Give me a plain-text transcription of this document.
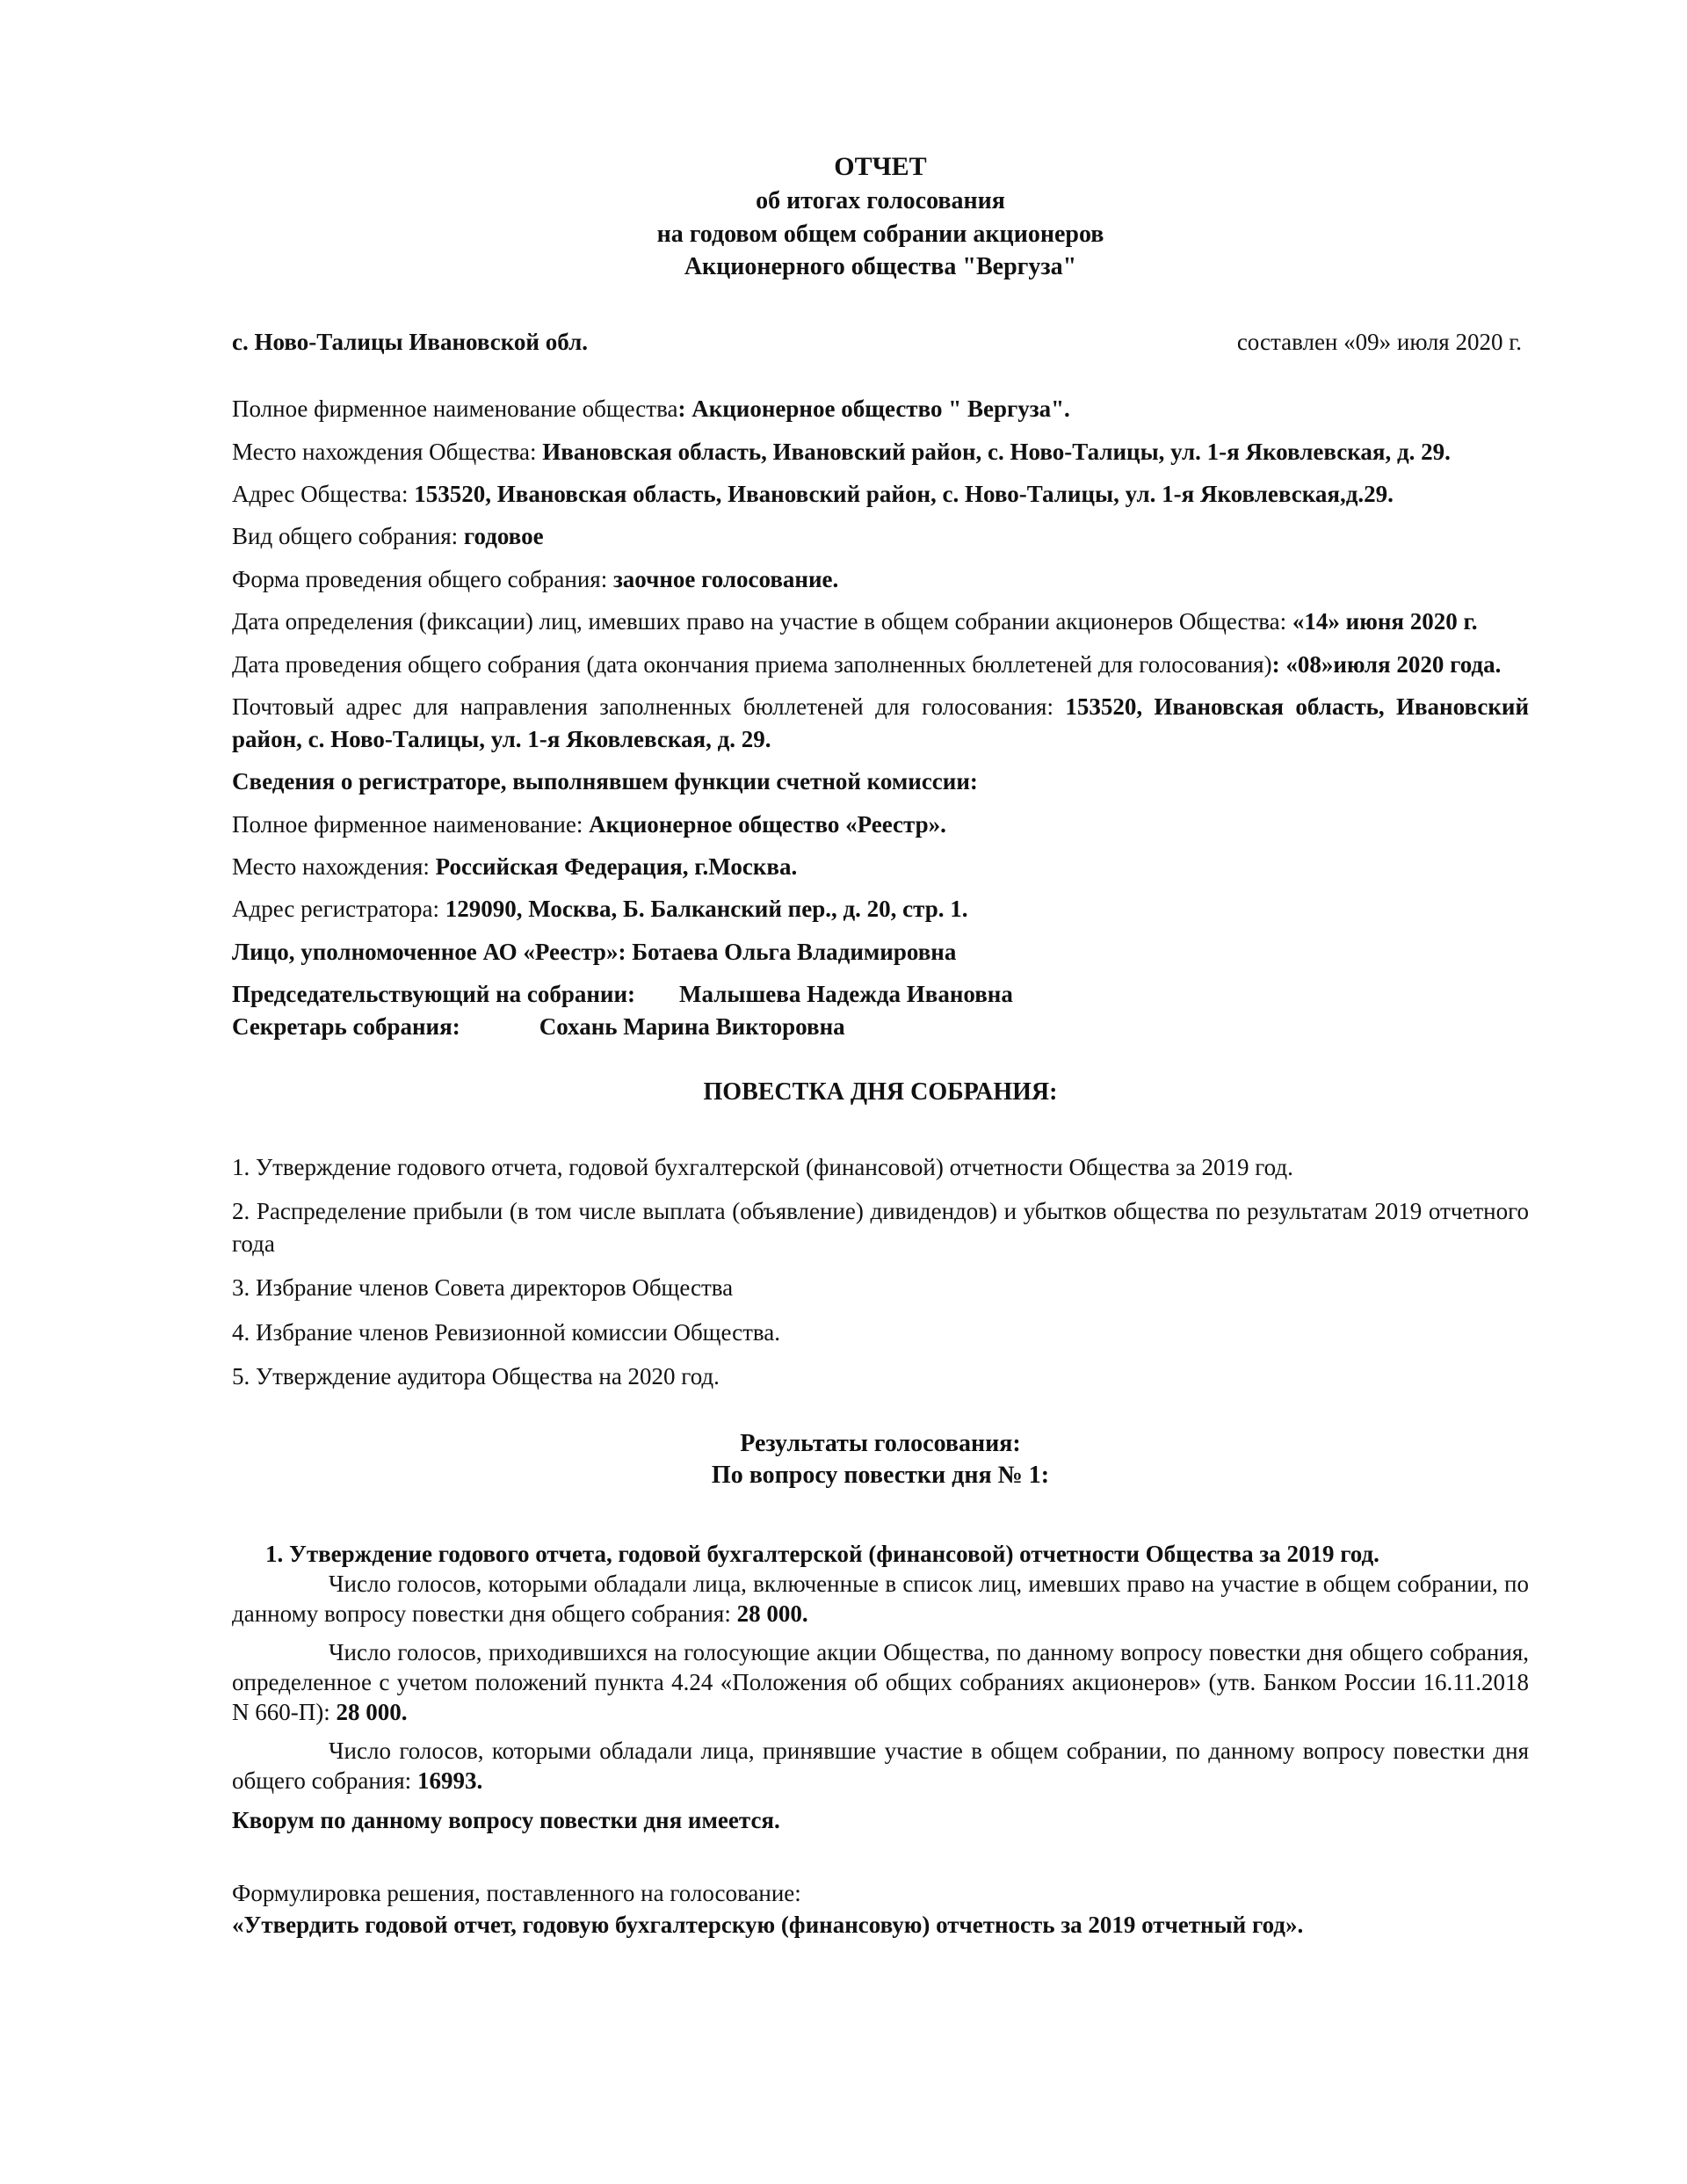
ОТЧЕТ
об итогах голосования
на годовом общем собрании акционеров
Акционерного общества "Вергуза"
с. Ново-Талицы Ивановской обл.	составлен «09» июля 2020 г.

Полное фирменное наименование общества: Акционерное общество " Вергуза".

Место нахождения Общества: Ивановская область, Ивановский район, с. Ново-Талицы, ул. 1-я Яковлевская, д. 29.

Адрес Общества: 153520, Ивановская область, Ивановский район, с. Ново-Талицы, ул. 1-я Яковлевская,д.29.

Вид общего собрания: годовое

Форма проведения общего собрания: заочное голосование.

Дата определения (фиксации) лиц, имевших право на участие в общем собрании акционеров Общества: «14» июня 2020 г.

Дата проведения общего собрания (дата окончания приема заполненных бюллетеней для голосования): «08»июля 2020 года.

Почтовый адрес для направления заполненных бюллетеней для голосования: 153520, Ивановская область, Ивановский район, с. Ново-Талицы, ул. 1-я Яковлевская, д. 29.

Сведения о регистраторе, выполнявшем функции счетной комиссии:

Полное фирменное наименование: Акционерное общество «Реестр».

Место нахождения: Российская Федерация, г.Москва.

Адрес регистратора: 129090, Москва, Б. Балканский пер., д. 20, стр. 1.

Лицо, уполномоченное АО «Реестр»: Ботаева Ольга Владимировна

Председательствующий на собрании: Малышева Надежда Ивановна

Секретарь собрания:	Сохань Марина Викторовна

ПОВЕСТКА ДНЯ СОБРАНИЯ:

1. Утверждение годового отчета, годовой бухгалтерской (финансовой) отчетности Общества за 2019 год.

2. Распределение прибыли (в том числе выплата (объявление) дивидендов) и убытков общества по результатам 2019 отчетного года

3. Избрание членов Совета директоров Общества

4. Избрание членов Ревизионной комиссии Общества.

5. Утверждение аудитора Общества на 2020 год.

Результаты голосования:
По вопросу повестки дня № 1:

1. Утверждение годового отчета, годовой бухгалтерской (финансовой) отчетности Общества за 2019 год.

Число голосов, которыми обладали лица, включенные в список лиц, имевших право на участие в общем собрании, по данному вопросу повестки дня общего собрания: 28 000.

Число голосов, приходившихся на голосующие акции Общества, по данному вопросу повестки дня общего собрания, определенное с учетом положений пункта 4.24 «Положения об общих собраниях акционеров» (утв. Банком России 16.11.2018 N 660-П): 28 000.

Число голосов, которыми обладали лица, принявшие участие в общем собрании, по данному вопросу повестки дня общего собрания: 16993.

Кворум по данному вопросу повестки дня имеется.

Формулировка решения, поставленного на голосование:

«Утвердить годовой отчет, годовую бухгалтерскую (финансовую) отчетность за 2019 отчетный год».
